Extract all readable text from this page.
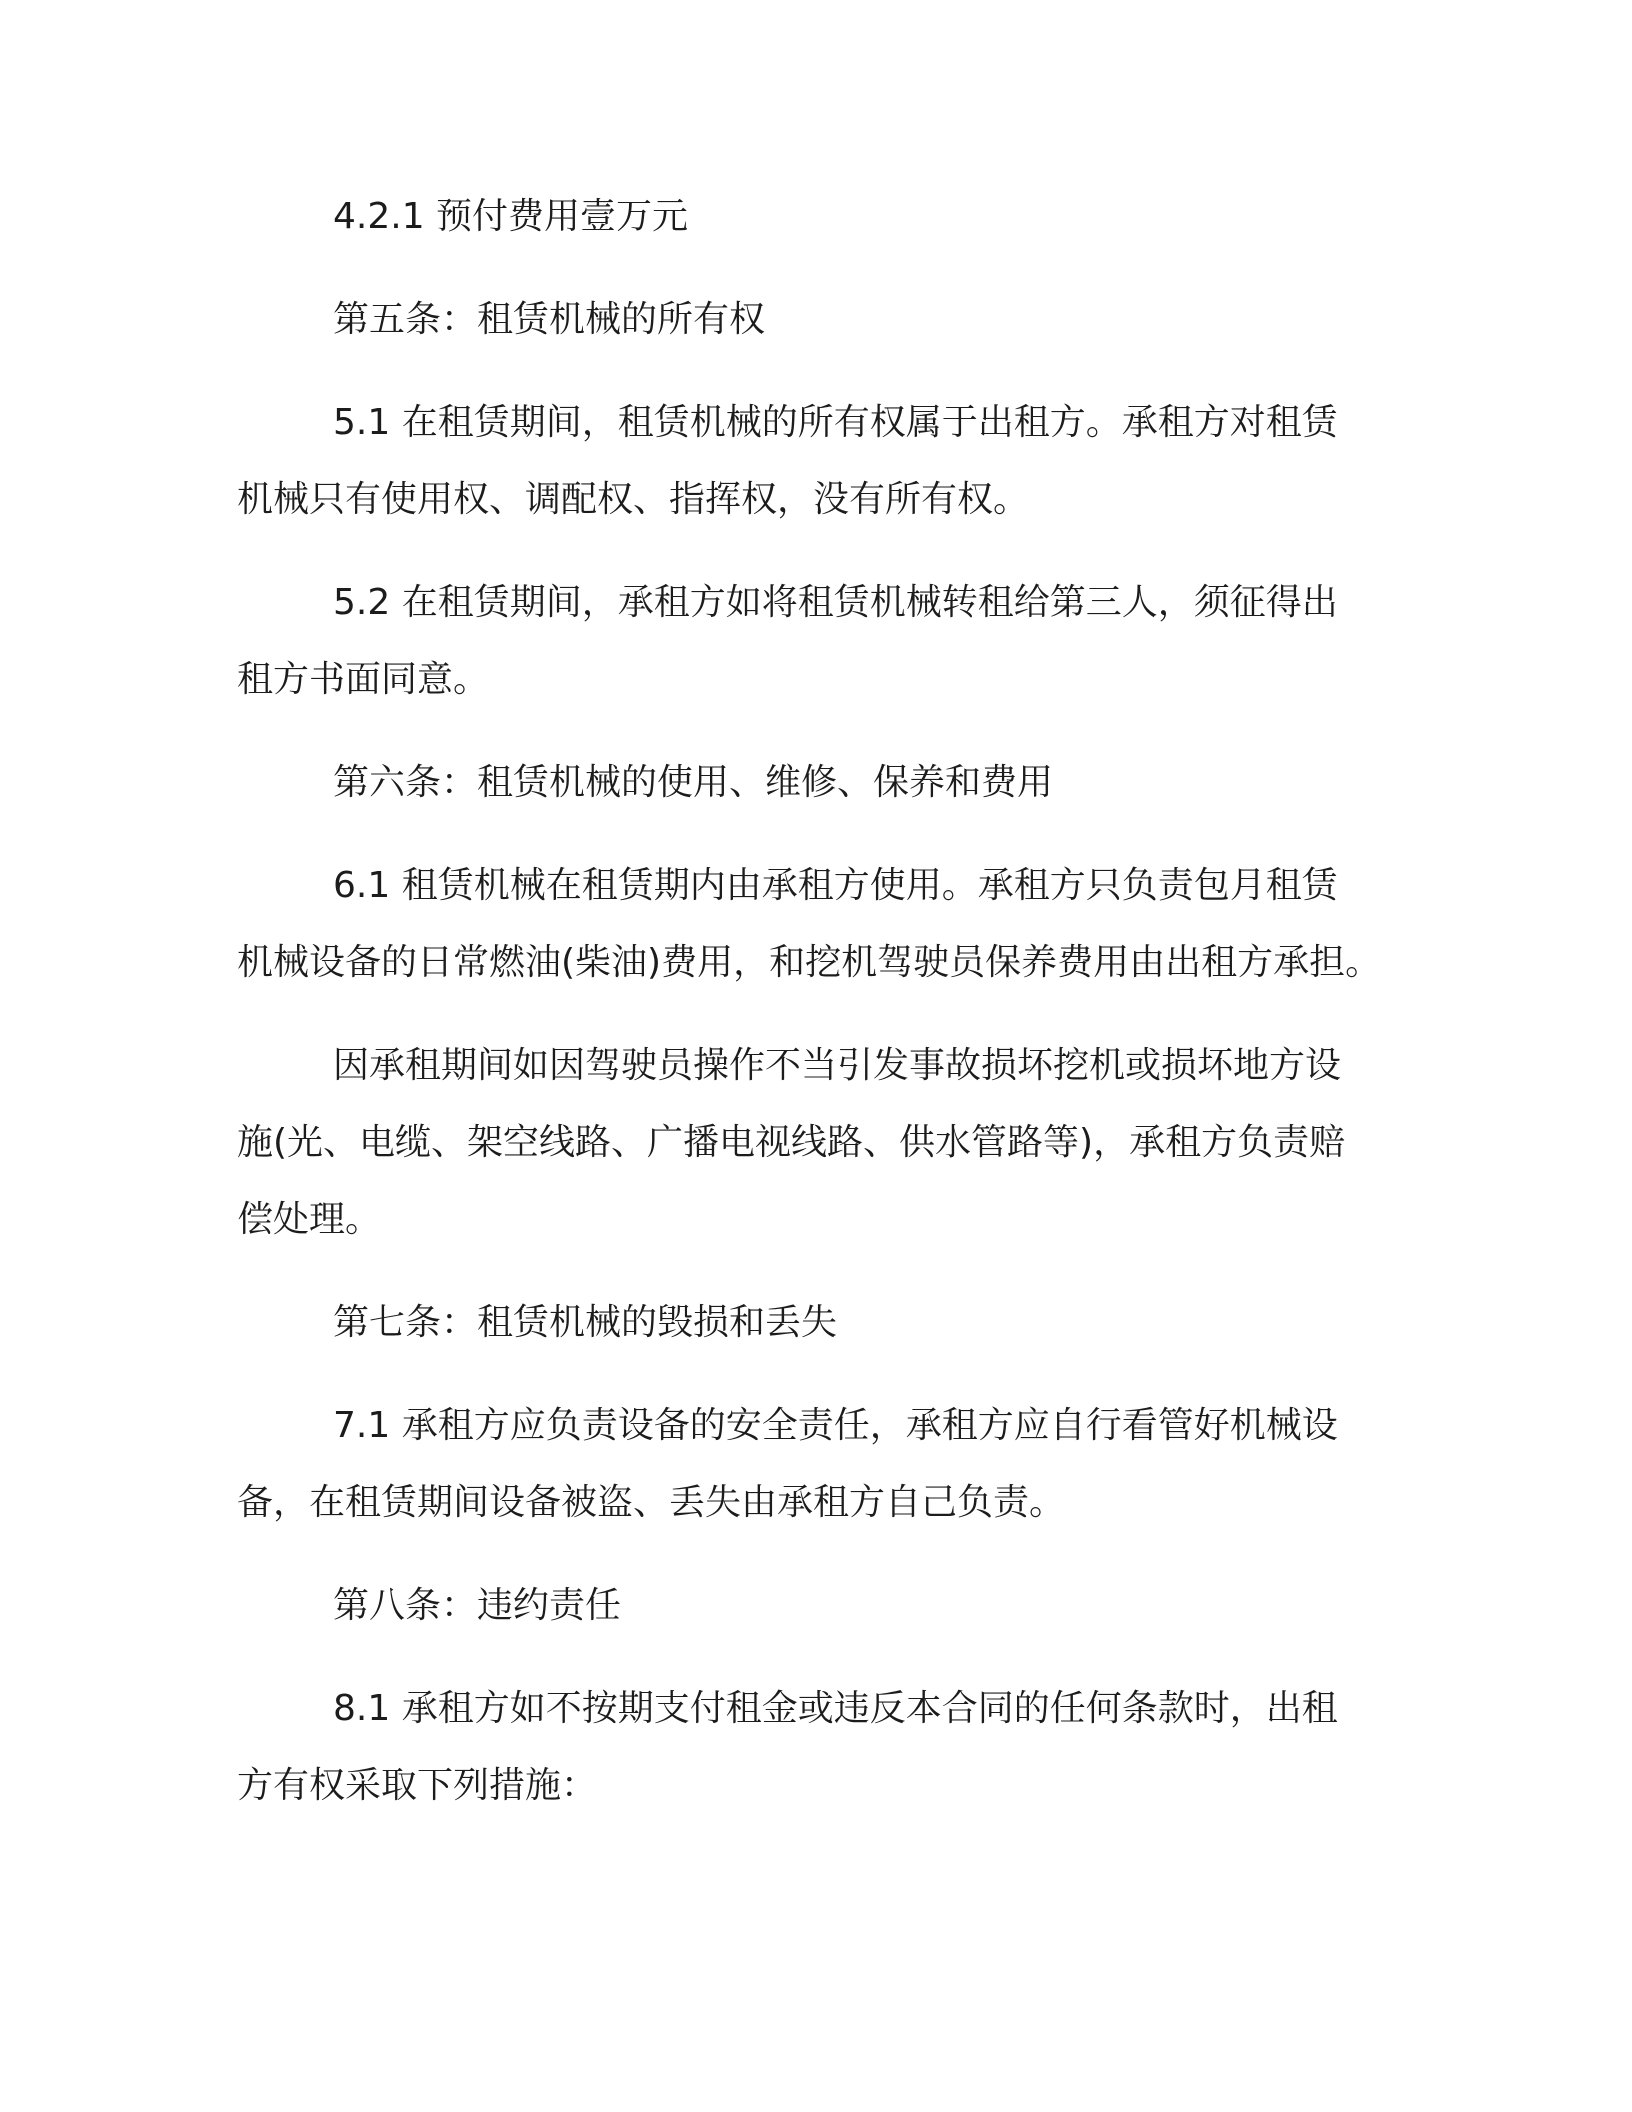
4.2.1 预付费用壹万元
第五条：租赁机械的所有权
5.1 在租赁期间，租赁机械的所有权属于出租方。承租方对租赁
机械只有使用权、调配权、指挥权，没有所有权。
5.2 在租赁期间，承租方如将租赁机械转租给第三人，须征得出
租方书面同意。
第六条：租赁机械的使用、维修、保养和费用
6.1 租赁机械在租赁期内由承租方使用。承租方只负责包月租赁
机械设备的日常燃油(柴油)费用，和挖机驾驶员保养费用由出租方承担。
因承租期间如因驾驶员操作不当引发事故损坏挖机或损坏地方设
施(光、电缆、架空线路、广播电视线路、供水管路等)，承租方负责赔
偿处理。
第七条：租赁机械的毁损和丢失
7.1 承租方应负责设备的安全责任，承租方应自行看管好机械设
备，在租赁期间设备被盗、丢失由承租方自己负责。
第八条：违约责任
8.1 承租方如不按期支付租金或违反本合同的任何条款时，出租
方有权采取下列措施：
